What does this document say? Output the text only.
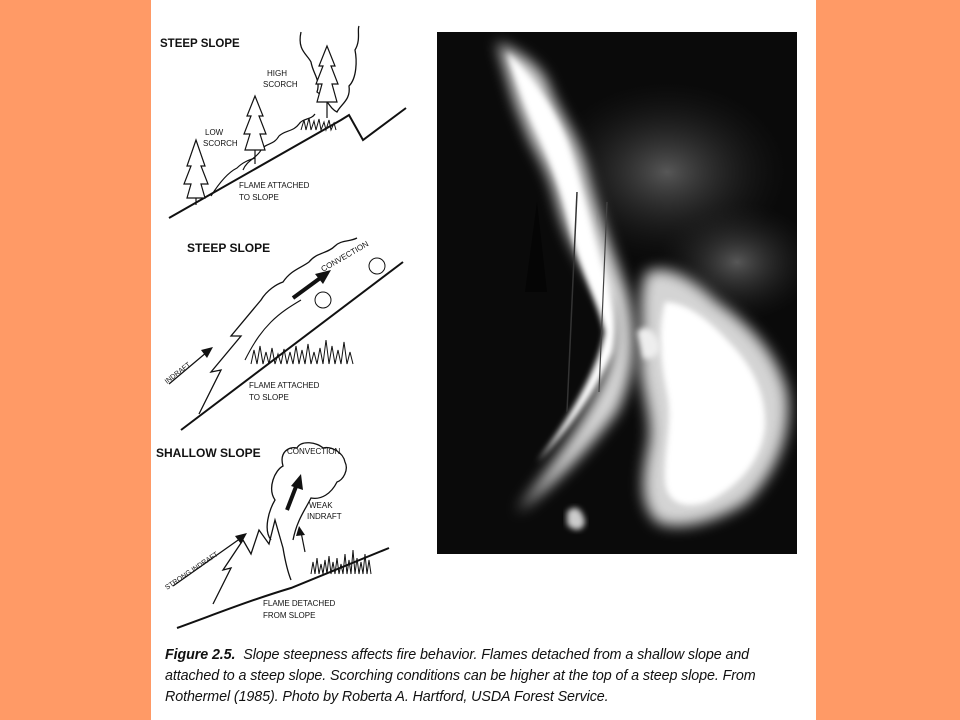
STEEP SLOPE
HIGH
SCORCH
LOW
SCORCH
FLAME ATTACHED
TO SLOPE
STEEP SLOPE	CONVECTION
INDRAFT	FLAME ATTACHED
TO SLOPE
SHALLOW SLOPE	CONVECTION
WEAK
INDRAFT
STRONG INDRAFT
FLAME DETACHED
FROM SLOPE
Figure 2.5. Slope steepness affects fire behavior. Flames detached from a shallow slope and attached to a steep slope. Scorching conditions can be higher at the top of a steep slope. From Rothermel (1985). Photo by Roberta A. Hartford, USDA Forest Service.
